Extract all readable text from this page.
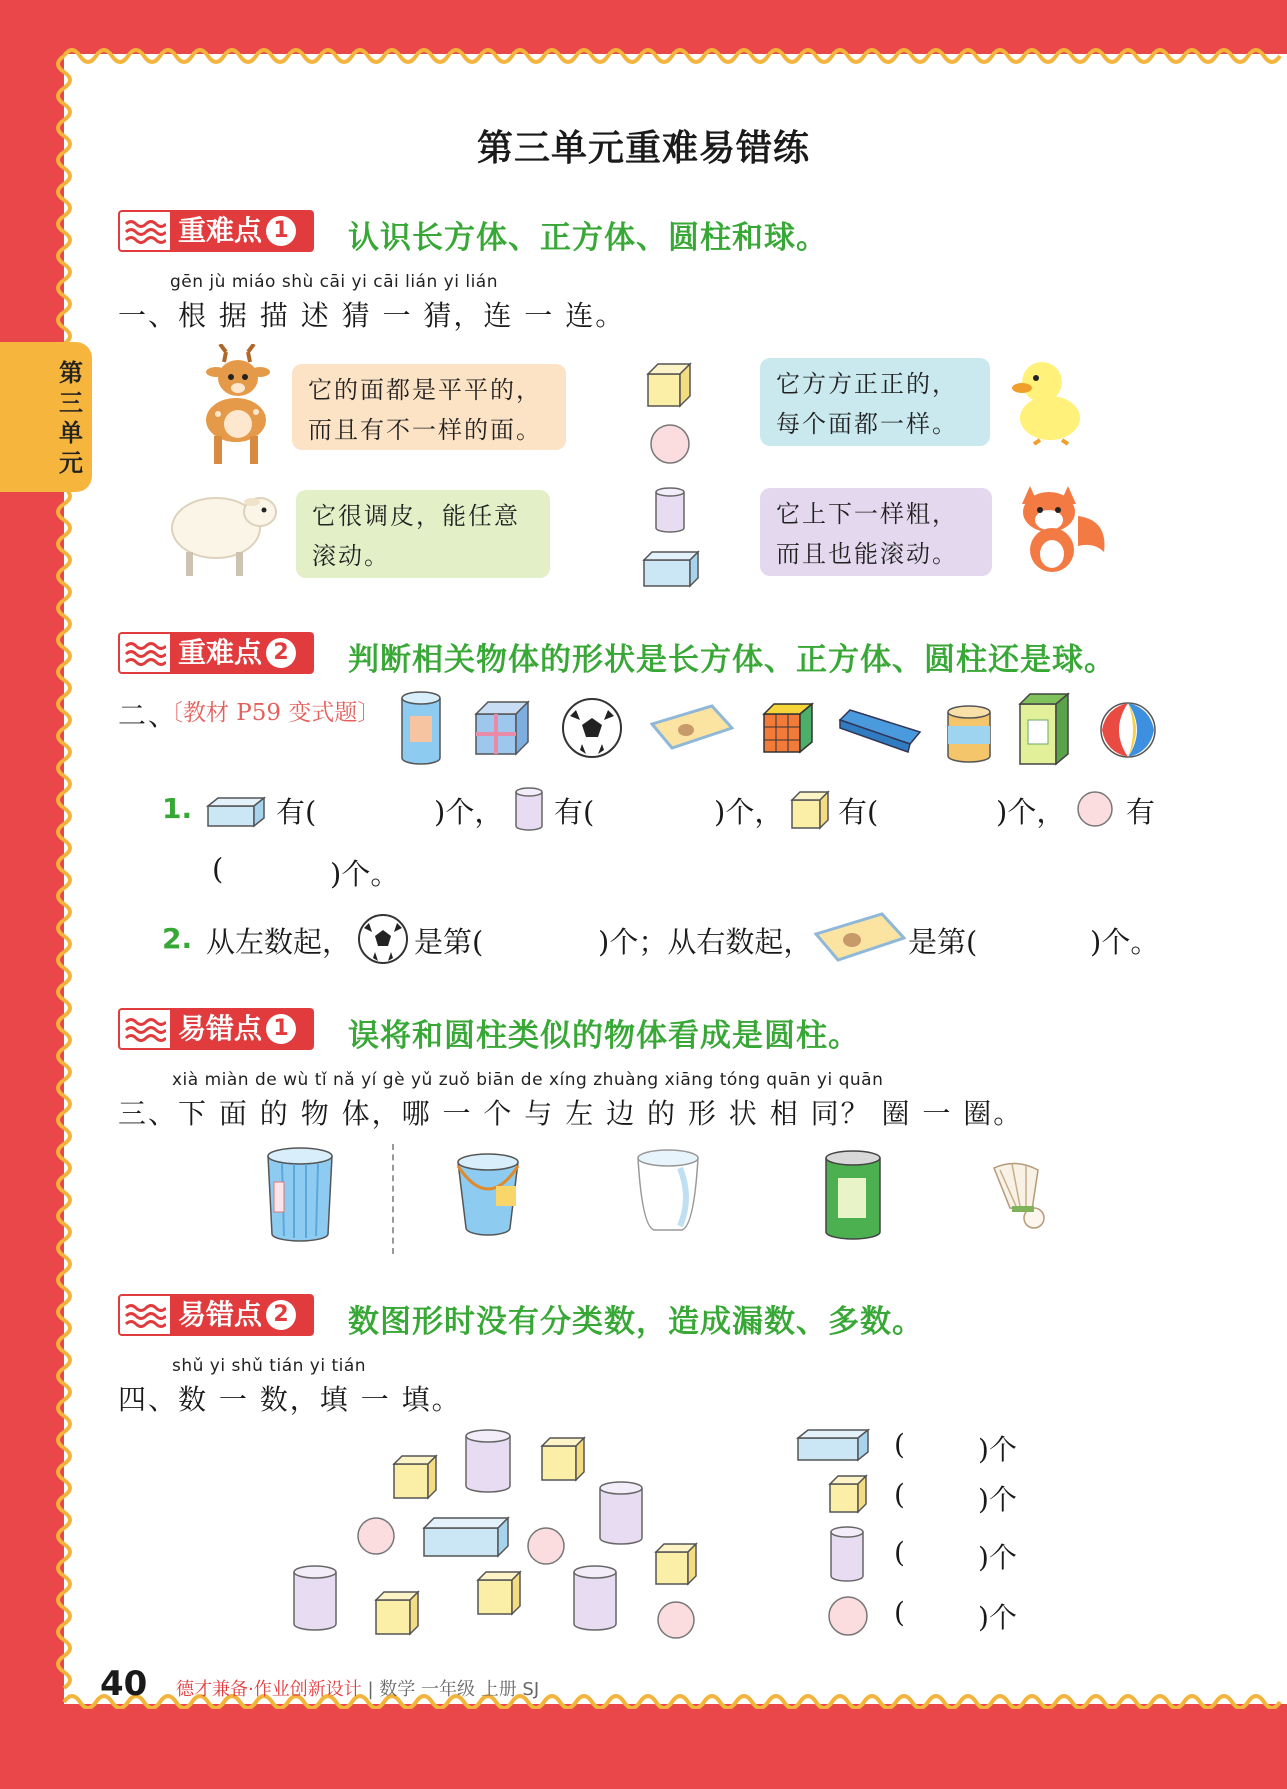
第三单元
第三单元重难易错练
重难点 1	认识长方体、正方体、圆柱和球。
gēn jù miáo shù cāi yi cāi lián yi lián
一、根 据 描 述 猜 一 猜，连 一 连。
它的面都是平平的，
而且有不一样的面。
它很调皮，能任意
滚动。
它方方正正的，
每个面都一样。
它上下一样粗，
而且也能滚动。
重难点 2	判断相关物体的形状是长方体、正方体、圆柱还是球。
二、
〔教材 P59 变式题〕
1.	有(	)个， 有(	)个， 有(	)个， 有
(	)个。
2. 从左数起， 是第(	)个；从右数起，	是第(	)个。
易错点 1	误将和圆柱类似的物体看成是圆柱。
xià miàn de wù tǐ nǎ yí gè yǔ zuǒ biān de xíng zhuàng xiāng tóng quān yi quān
三、下 面 的 物 体，哪 一 个 与 左 边 的 形 状 相 同？ 圈 一 圈。
易错点 2	数图形时没有分类数，造成漏数、多数。
shǔ yi shǔ tián yi tián
四、数 一 数，填 一 填。
(	)个
(	)个
(	)个
(	)个
40 德才兼备·作业创新设计 | 数学 一年级 上册 SJ
